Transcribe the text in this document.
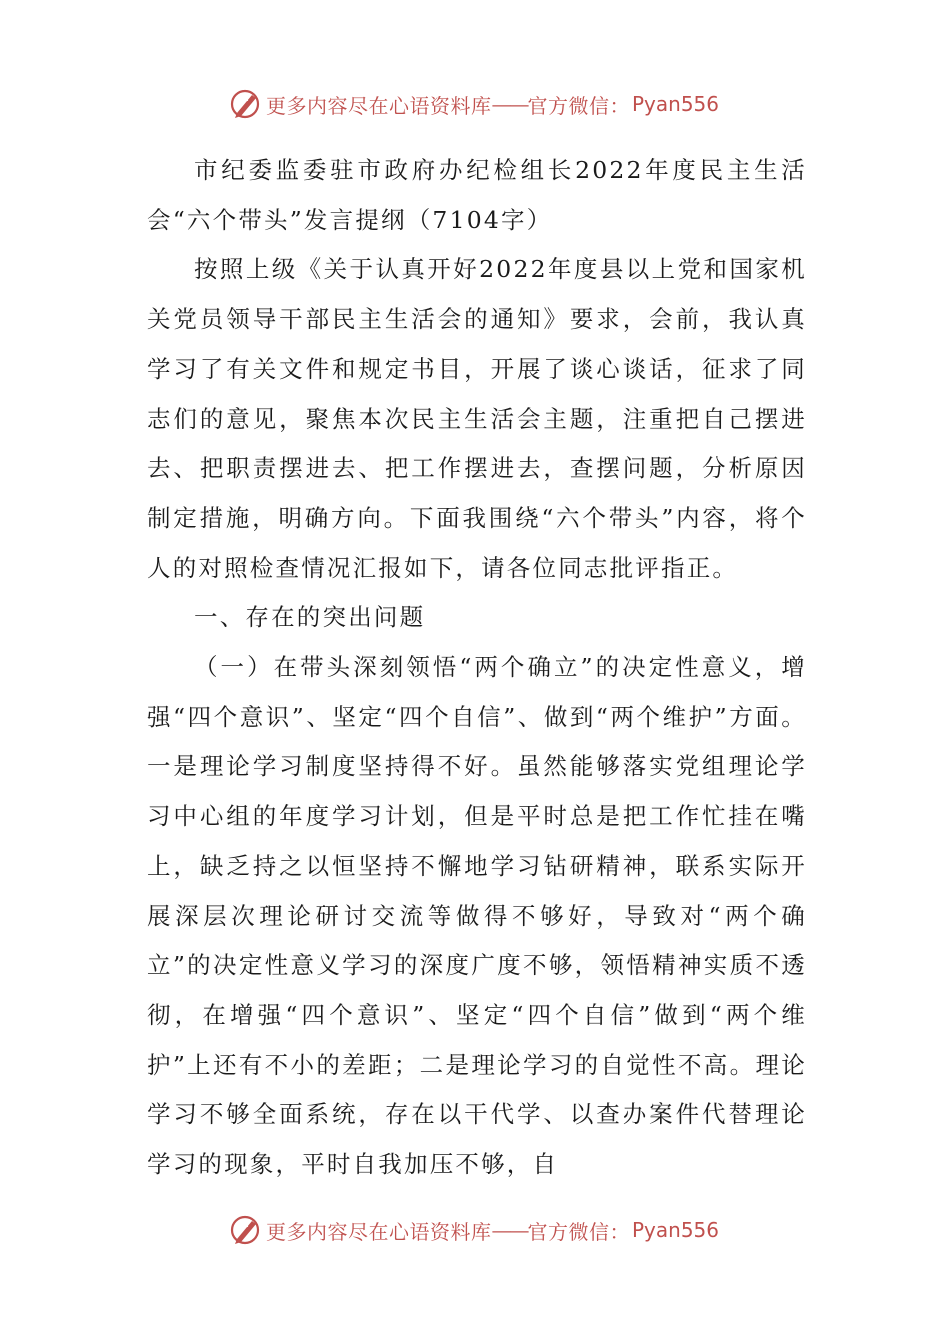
更多内容尽在心语资料库 —— 官方微信： Pyan556

市纪委监委驻市政府办纪检组长2022年度民主生活会“六个带头”发言提纲（7104字）

按照上级《关于认真开好2022年度县以上党和国家机关党员领导干部民主生活会的通知》要求，会前，我认真学习了有关文件和规定书目，开展了谈心谈话，征求了同志们的意见，聚焦本次民主生活会主题，注重把自己摆进去、把职责摆进去、把工作摆进去，查摆问题，分析原因制定措施，明确方向。下面我围绕“六个带头”内容，将个人的对照检查情况汇报如下，请各位同志批评指正。

一、存在的突出问题

（一）在带头深刻领悟“两个确立”的决定性意义，增强“四个意识”、坚定“四个自信”、做到“两个维护”方面。一是理论学习制度坚持得不好。虽然能够落实党组理论学习中心组的年度学习计划，但是平时总是把工作忙挂在嘴上，缺乏持之以恒坚持不懈地学习钻研精神，联系实际开展深层次理论研讨交流等做得不够好，导致对“两个确立”的决定性意义学习的深度广度不够，领悟精神实质不透彻，在增强“四个意识”、坚定“四个自信”做到“两个维护”上还有不小的差距；二是理论学习的自觉性不高。理论学习不够全面系统，存在以干代学、以查办案件代替理论学习的现象，平时自我加压不够，自

更多内容尽在心语资料库 —— 官方微信： Pyan556
